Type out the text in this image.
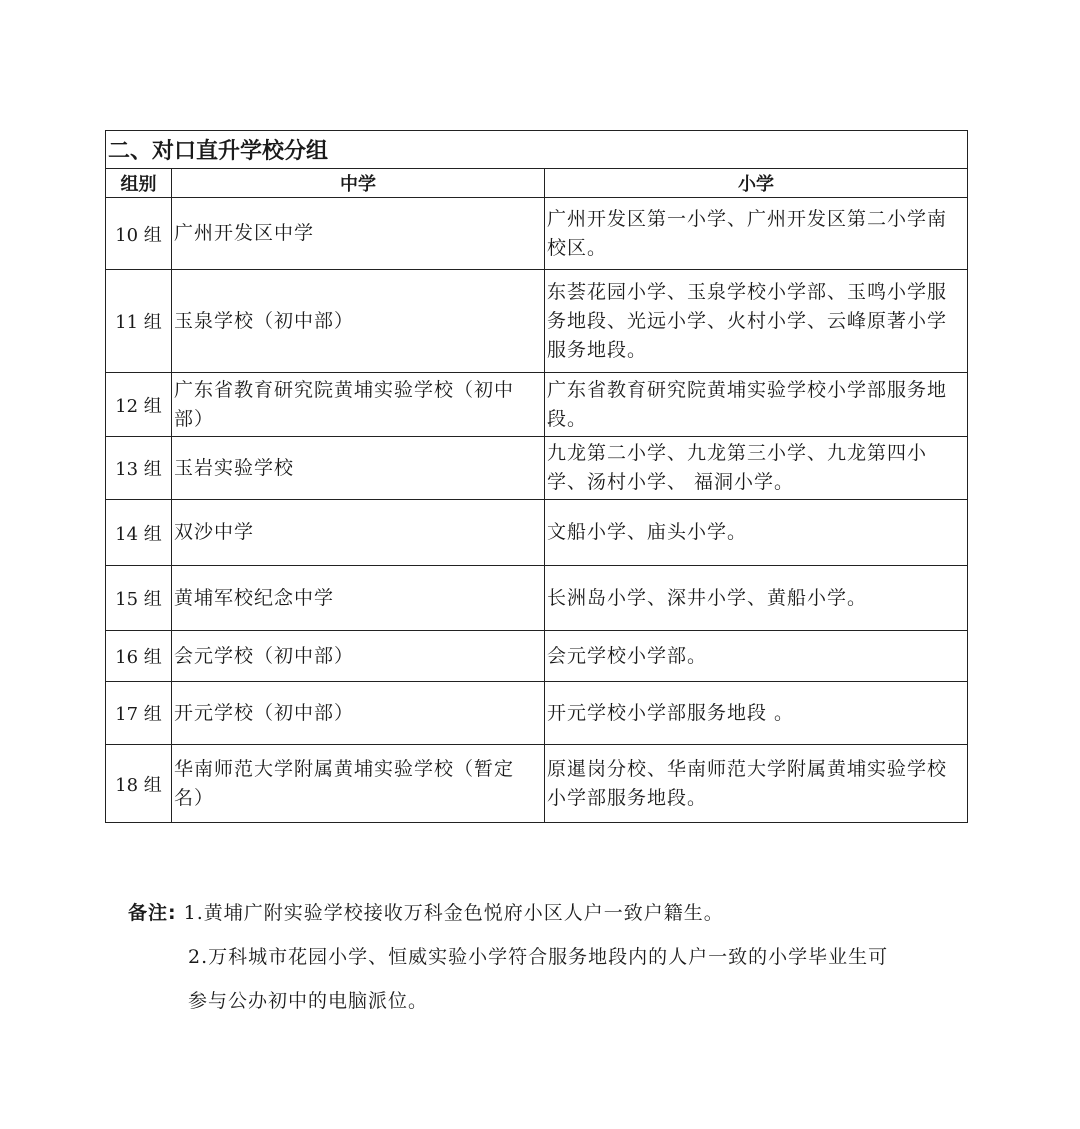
二、对口直升学校分组		
组别	中学	小学
10 组	广州开发区中学	广州开发区第一小学、广州开发区第二小学南校区。
11 组	玉泉学校（初中部）	东荟花园小学、玉泉学校小学部、玉鸣小学服务地段、光远小学、火村小学、云峰原著小学服务地段。
12 组	广东省教育研究院黄埔实验学校（初中部）	广东省教育研究院黄埔实验学校小学部服务地段。
13 组	玉岩实验学校	九龙第二小学、九龙第三小学、九龙第四小学、汤村小学、 福洞小学。
14 组	双沙中学	文船小学、庙头小学。
15 组	黄埔军校纪念中学	长洲岛小学、深井小学、黄船小学。
16 组	会元学校（初中部）	会元学校小学部。
17 组	开元学校（初中部）	开元学校小学部服务地段 。
18 组	华南师范大学附属黄埔实验学校（暂定名）	原暹岗分校、华南师范大学附属黄埔实验学校小学部服务地段。
备注: 1.黄埔广附实验学校接收万科金色悦府小区人户一致户籍生。
2.万科城市花园小学、恒威实验小学符合服务地段内的人户一致的小学毕业生可
参与公办初中的电脑派位。
